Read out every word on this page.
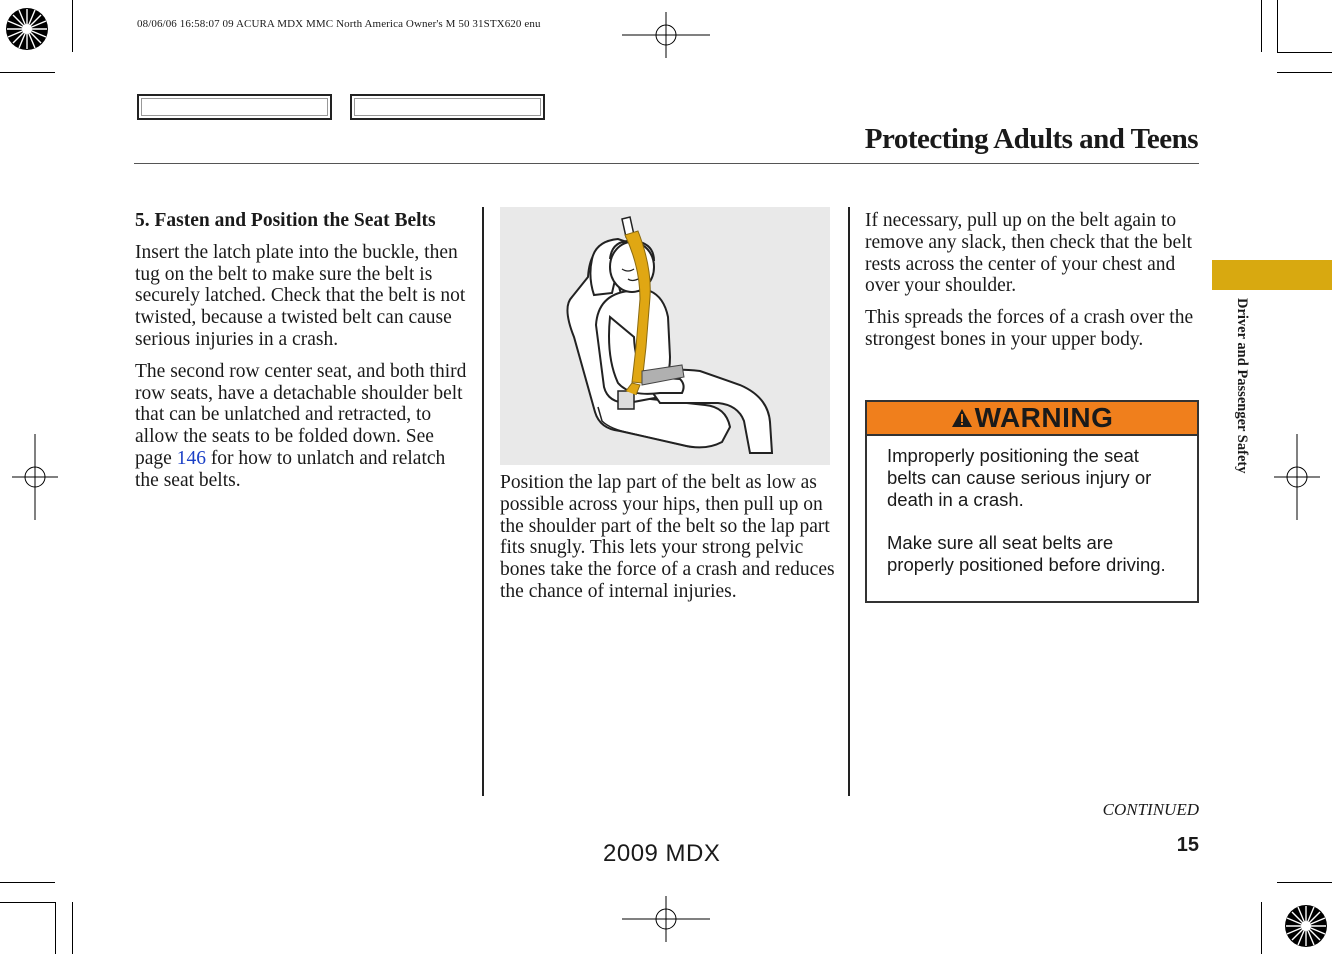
08/06/06 16:58:07 09 ACURA MDX MMC North America Owner's M 50 31STX620 enu
Protecting Adults and Teens

5. Fasten and Position the Seat Belts

Insert the latch plate into the buckle, then tug on the belt to make sure the belt is securely latched. Check that the belt is not twisted, because a twisted belt can cause serious injuries in a crash.

The second row center seat, and both third row seats, have a detachable shoulder belt that can be unlatched and retracted, to allow the seats to be folded down. See page 146 for how to unlatch and relatch the seat belts.	Position the lap part of the belt as low as possible across your hips, then pull up on the shoulder part of the belt so the lap part fits snugly. This lets your strong pelvic bones take the force of a crash and reduces the chance of internal injuries.

If necessary, pull up on the belt again to remove any slack, then check that the belt rests across the center of your chest and over your shoulder.

This spreads the forces of a crash over the strongest bones in your upper body.

WARNING

Improperly positioning the seat belts can cause serious injury or death in a crash.

Make sure all seat belts are properly positioned before driving.

Driver and Passenger Safety
CONTINUED
15
2009 MDX
